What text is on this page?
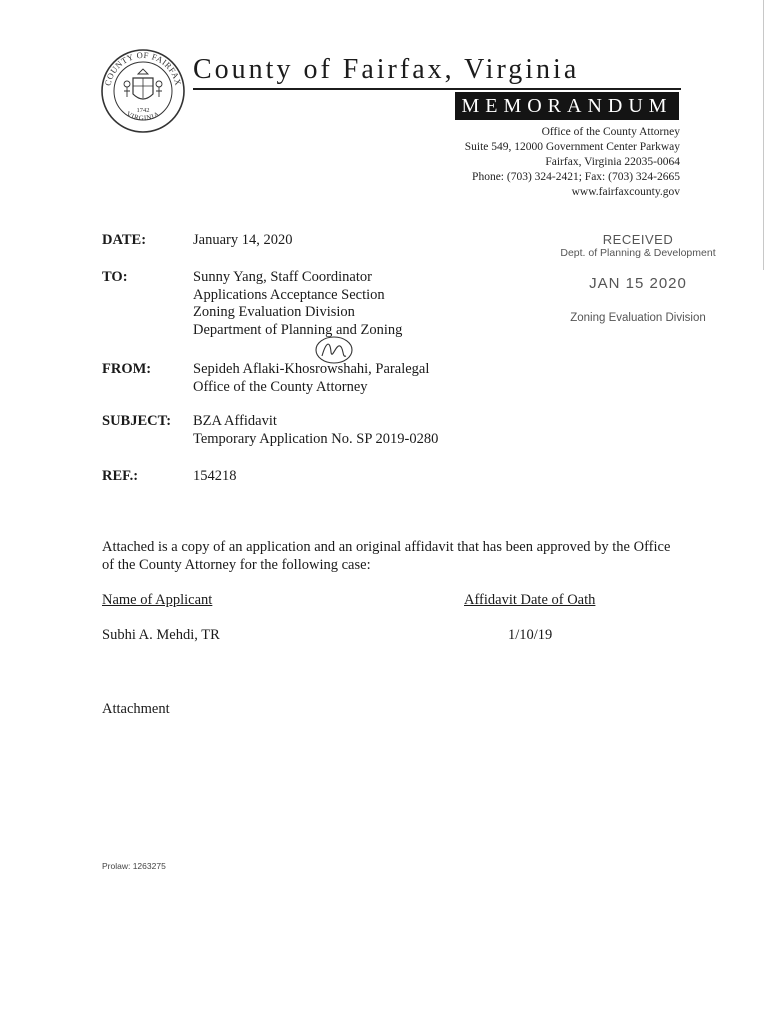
COUNTY OF FAIRFAX
VIRGINIA
1742
County of Fairfax, Virginia
MEMORANDUM
Office of the County Attorney
Suite 549, 12000 Government Center Parkway
Fairfax, Virginia 22035-0064
Phone: (703) 324-2421; Fax: (703) 324-2665
www.fairfaxcounty.gov
DATE:	January 14, 2020
TO:	Sunny Yang, Staff Coordinator
Applications Acceptance Section
Zoning Evaluation Division
Department of Planning and Zoning
FROM:	Sepideh Aflaki-Khosrowshahi, Paralegal
Office of the County Attorney
SUBJECT: BZA Affidavit
Temporary Application No. SP 2019-0280
REF.:	154218
RECEIVED
Dept. of Planning & Development
JAN 15 2020
Zoning Evaluation Division
Attached is a copy of an application and an original affidavit that has been approved by the Office of the County Attorney for the following case:
Name of Applicant	Affidavit Date of Oath
Subhi A. Mehdi, TR	1/10/19
Attachment
Prolaw: 1263275
